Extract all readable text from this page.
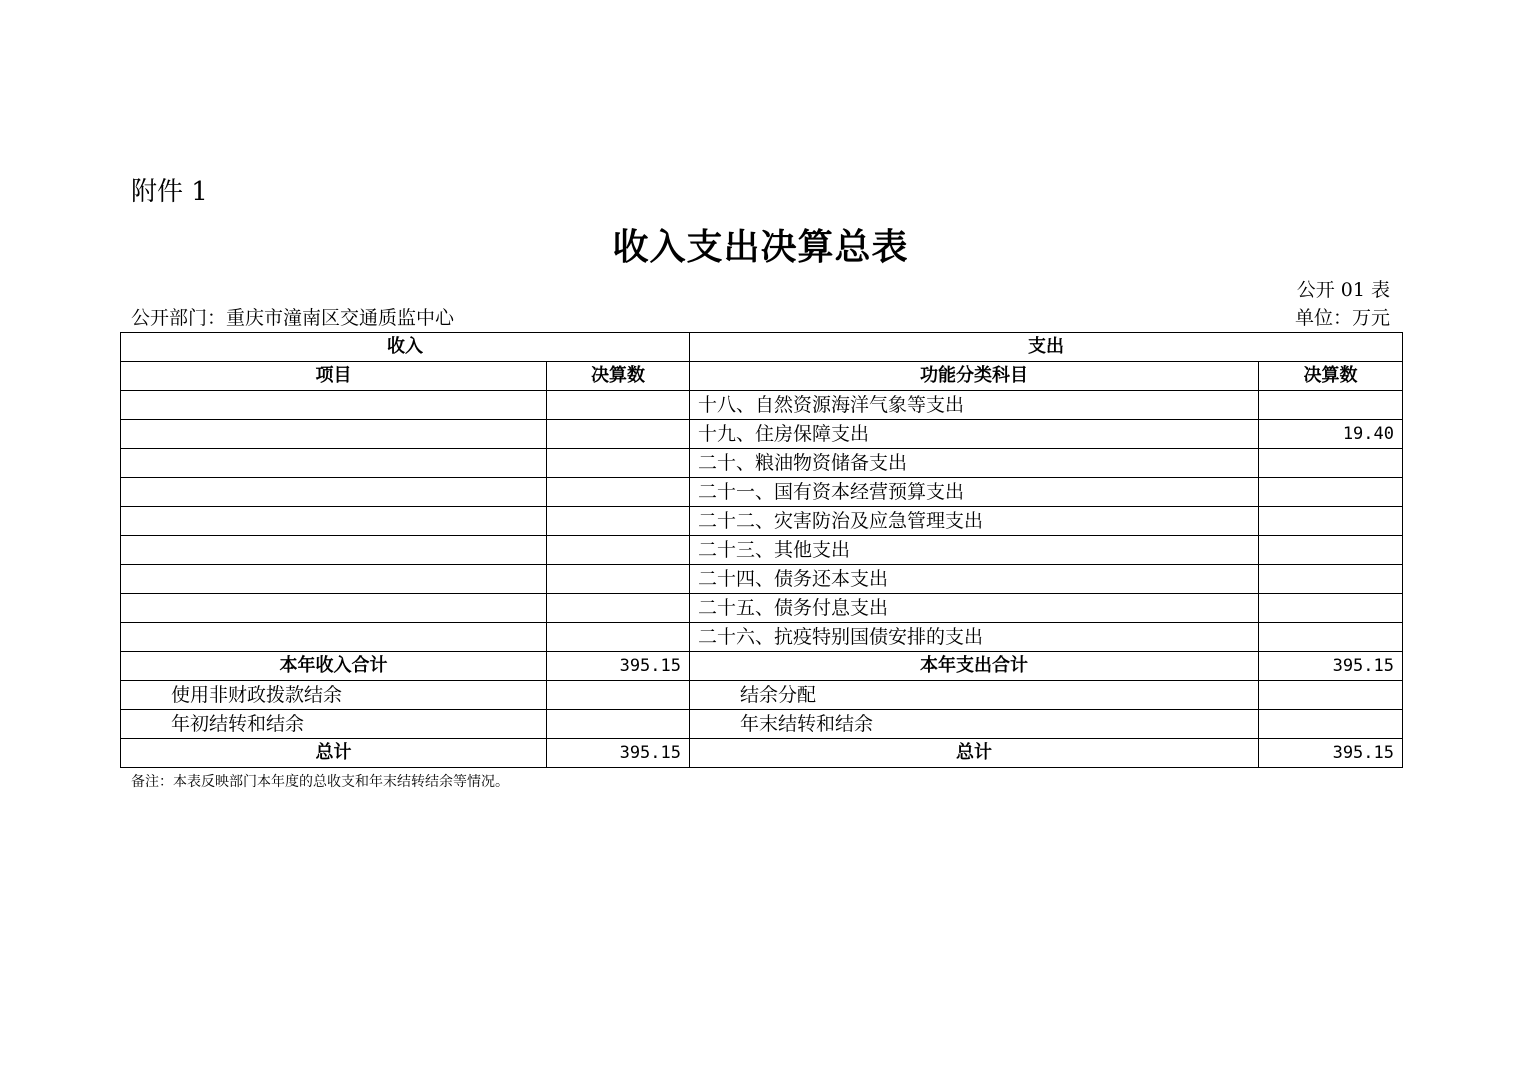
附件 1
收入支出决算总表
公开 01 表
公开部门：重庆市潼南区交通质监中心	单位：万元
收入		支出	
项目	决算数	功能分类科目	决算数
		十八、自然资源海洋气象等支出	
		十九、住房保障支出	19.40
		二十、粮油物资储备支出	
		二十一、国有资本经营预算支出	
		二十二、灾害防治及应急管理支出	
		二十三、其他支出	
		二十四、债务还本支出	
		二十五、债务付息支出	
		二十六、抗疫特别国债安排的支出	
本年收入合计	395.15	本年支出合计	395.15
使用非财政拨款结余		结余分配	
年初结转和结余		年末结转和结余	
总计	395.15	总计	395.15
备注：本表反映部门本年度的总收支和年末结转结余等情况。
